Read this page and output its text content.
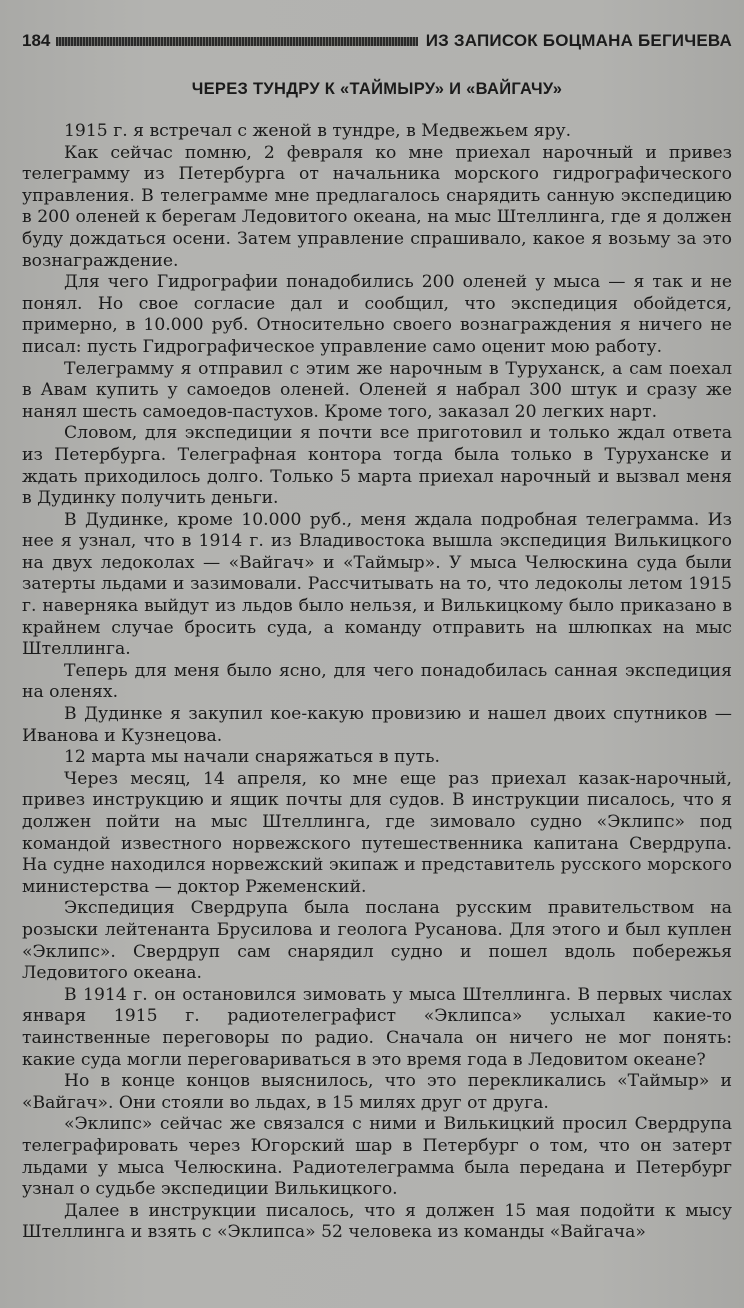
184	ИЗ ЗАПИСОК БОЦМАНА БЕГИЧЕВА
ЧЕРЕЗ ТУНДРУ К «ТАЙМЫРУ» И «ВАЙГАЧУ»

1915 г. я встречал с женой в тундре, в Медвежьем яру.

Как сейчас помню, 2 февраля ко мне приехал нарочный и привез телеграмму из Петербурга от начальника морского гидрографического управления. В телеграмме мне предлагалось снарядить санную экспедицию в 200 оленей к берегам Ледовитого океана, на мыс Штеллинга, где я должен буду дождаться осени. Затем управление спрашивало, какое я возьму за это вознаграждение.

Для чего Гидрографии понадобились 200 оленей у мыса — я так и не понял. Но свое согласие дал и сообщил, что экспедиция обойдется, примерно, в 10.000 руб. Относительно своего вознаграждения я ничего не писал: пусть Гидрографическое управление само оценит мою работу.

Телеграмму я отправил с этим же нарочным в Туруханск, а сам поехал в Авам купить у самоедов оленей. Оленей я набрал 300 штук и сразу же нанял шесть самоедов-пастухов. Кроме того, заказал 20 легких нарт.

Словом, для экспедиции я почти все приготовил и только ждал ответа из Петербурга. Телеграфная контора тогда была только в Туруханске и ждать приходилось долго. Только 5 марта приехал нарочный и вызвал меня в Дудинку получить деньги.

В Дудинке, кроме 10.000 руб., меня ждала подробная телеграмма. Из нее я узнал, что в 1914 г. из Владивостока вышла экспедиция Вилькицкого на двух ледоколах — «Вайгач» и «Таймыр». У мыса Челюскина суда были затерты льдами и зазимовали. Рассчитывать на то, что ледоколы летом 1915 г. наверняка выйдут из льдов было нельзя, и Вилькицкому было приказано в крайнем случае бросить суда, а команду отправить на шлюпках на мыс Штеллинга.

Теперь для меня было ясно, для чего понадобилась санная экспедиция на оленях.

В Дудинке я закупил кое-какую провизию и нашел двоих спутников — Иванова и Кузнецова.

12 марта мы начали снаряжаться в путь.

Через месяц, 14 апреля, ко мне еще раз приехал казак-нарочный, привез инструкцию и ящик почты для судов. В инструкции писалось, что я должен пойти на мыс Штеллинга, где зимовало судно «Эклипс» под командой известного норвежского путешественника капитана Свердрупа. На судне находился норвежский экипаж и представитель русского морского министерства — доктор Ржеменский.

Экспедиция Свердрупа была послана русским правительством на розыски лейтенанта Брусилова и геолога Русанова. Для этого и был куплен «Эклипс». Свердруп сам снарядил судно и пошел вдоль побережья Ледовитого океана.

В 1914 г. он остановился зимовать у мыса Штеллинга. В первых числах января 1915 г. радиотелеграфист «Эклипса» услыхал какие-то таинственные переговоры по радио. Сначала он ничего не мог понять: какие суда могли переговариваться в это время года в Ледовитом океане?

Но в конце концов выяснилось, что это перекликались «Таймыр» и «Вайгач». Они стояли во льдах, в 15 милях друг от друга.

«Эклипс» сейчас же связался с ними и Вилькицкий просил Свердрупа телеграфировать через Югорский шар в Петербург о том, что он затерт льдами у мыса Челюскина. Радиотелеграмма была передана и Петербург узнал о судьбе экспедиции Вилькицкого.

Далее в инструкции писалось, что я должен 15 мая подойти к мысу Штеллинга и взять с «Эклипса» 52 человека из команды «Вайгача»
